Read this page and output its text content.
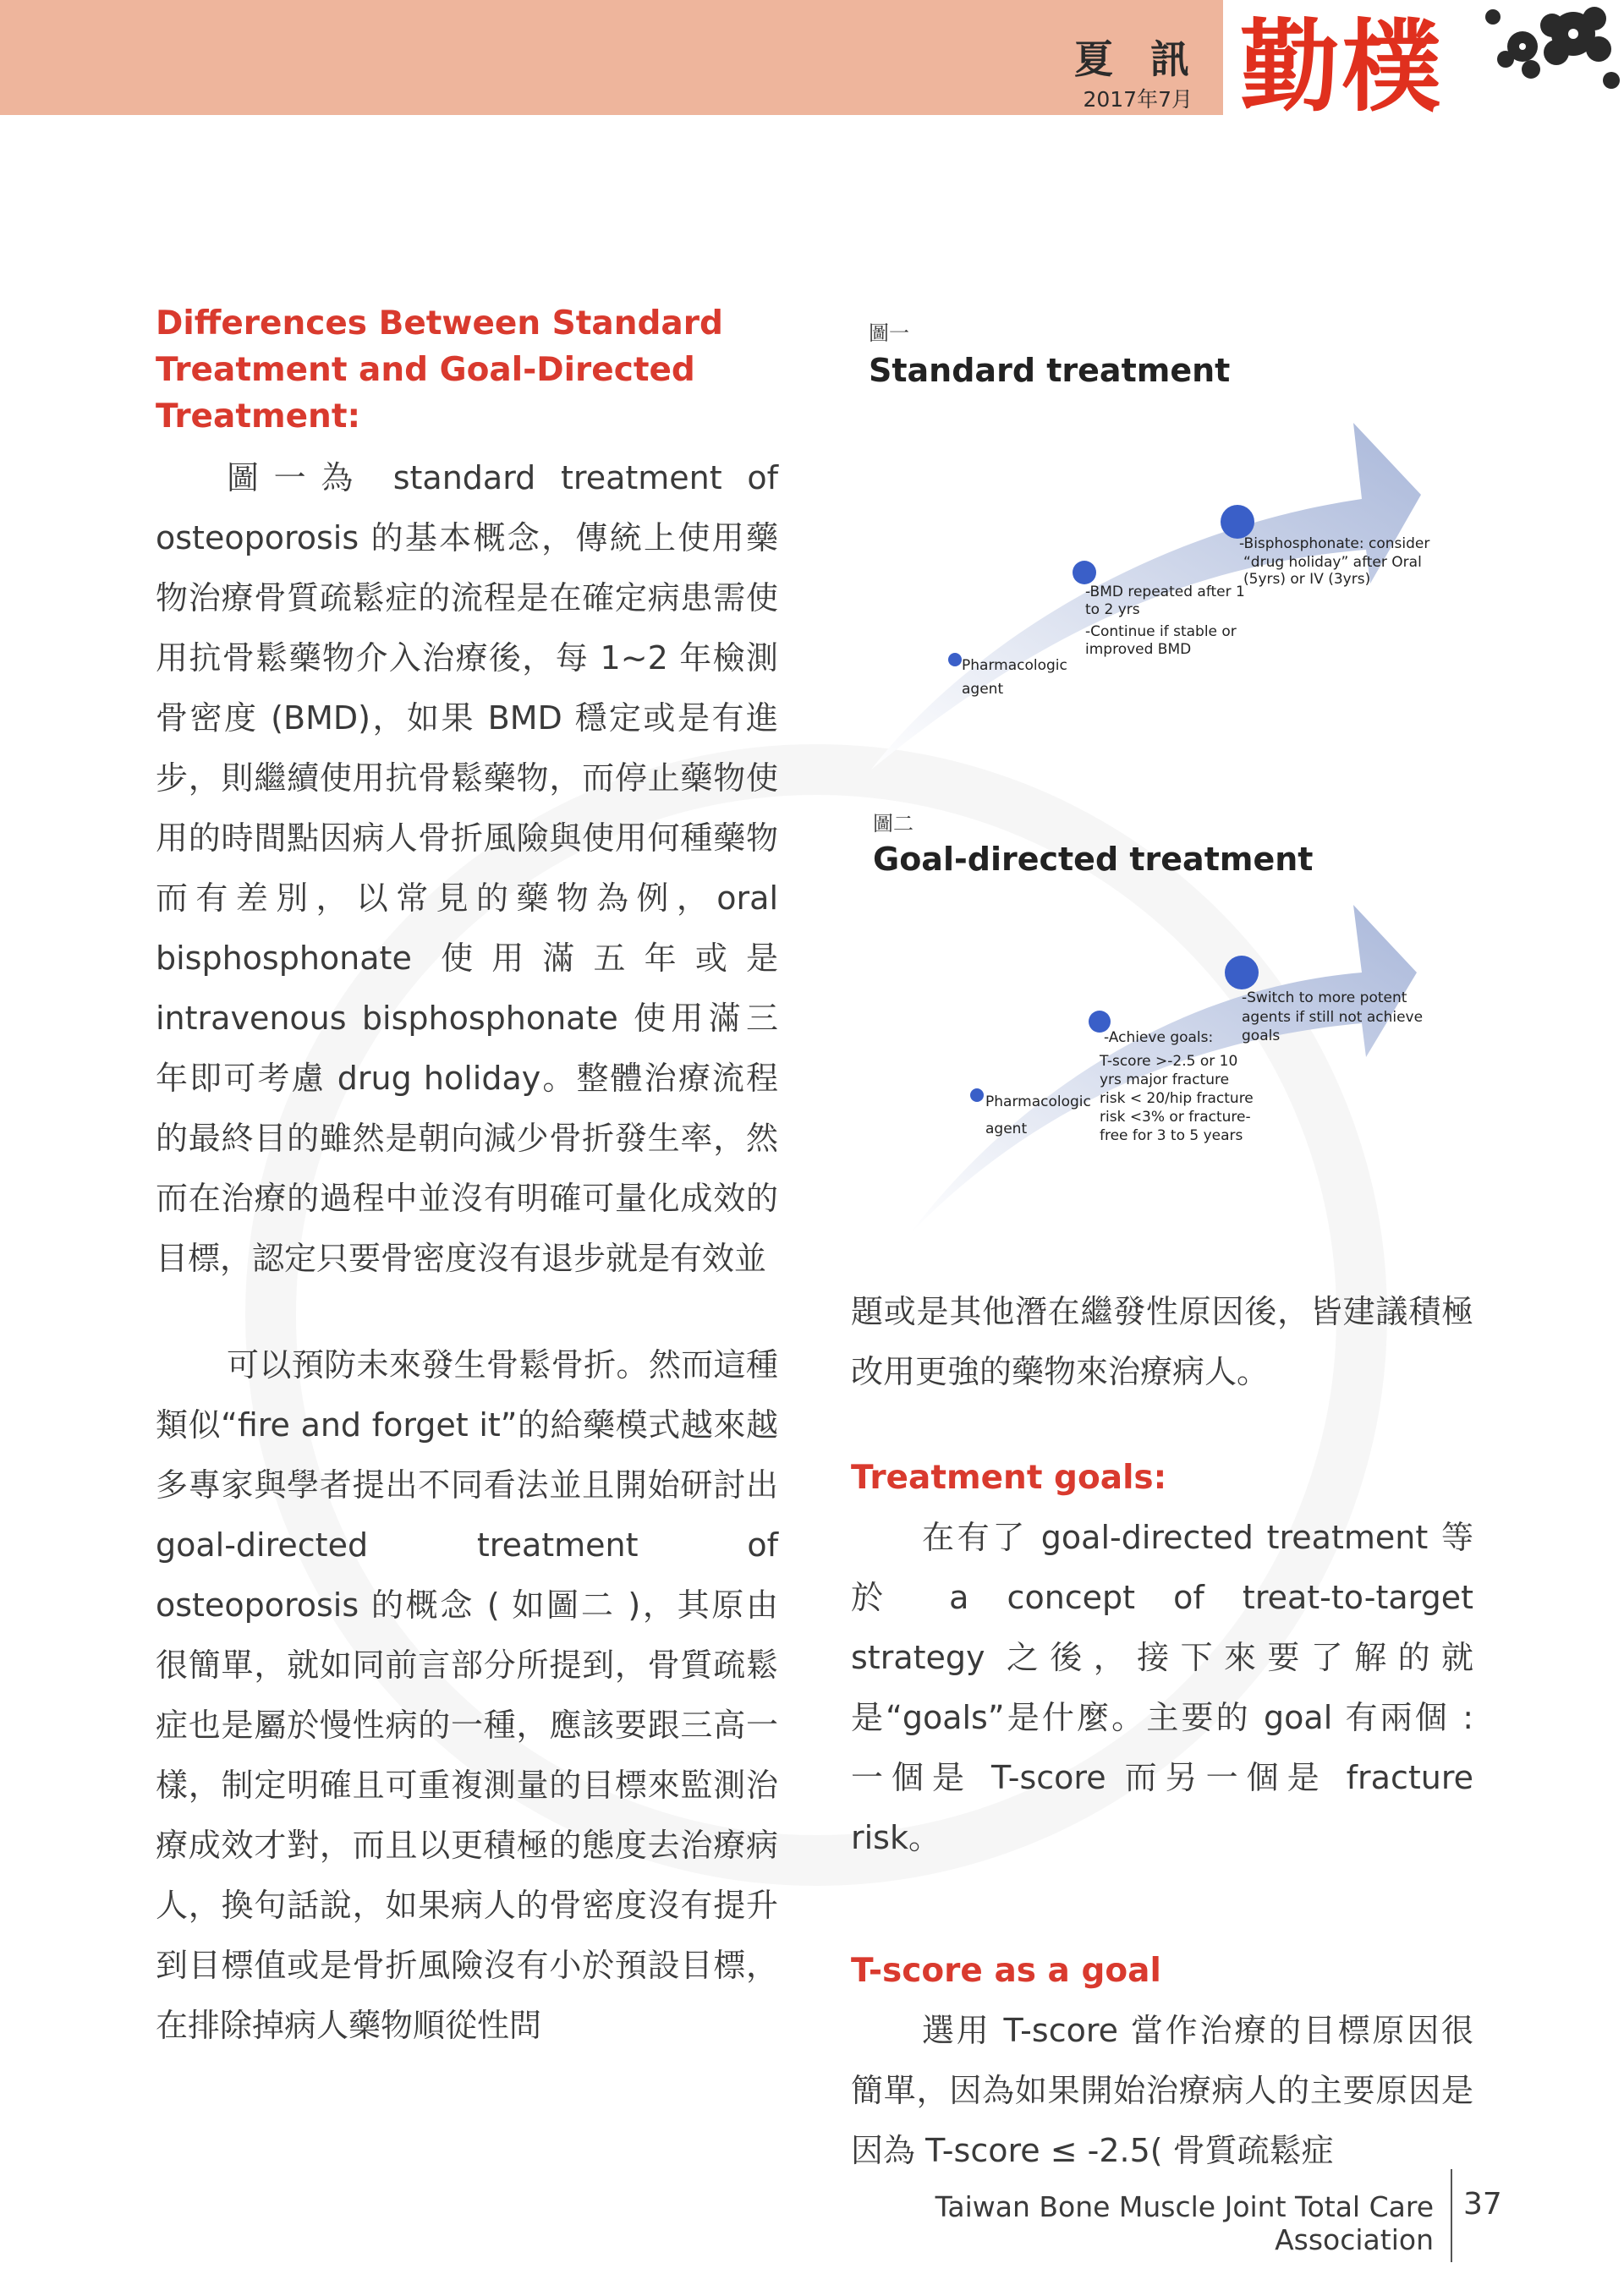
夏 訊
2017年7月 勤樸
Differences Between Standard Treatment and Goal-Directed Treatment:

圖一為 standard treatment of osteoporosis 的基本概念，傳統上使用藥物治療骨質疏鬆症的流程是在確定病患需使用抗骨鬆藥物介入治療後，每 1~2 年檢測骨密度 (BMD)，如果 BMD 穩定或是有進步，則繼續使用抗骨鬆藥物，而停止藥物使用的時間點因病人骨折風險與使用何種藥物而有差別，以常見的藥物為例，oral bisphosphonate 使用滿五年或是 intravenous bisphosphonate 使用滿三年即可考慮 drug holiday。整體治療流程的最終目的雖然是朝向減少骨折發生率，然而在治療的過程中並沒有明確可量化成效的目標，認定只要骨密度沒有退步就是有效並

可以預防未來發生骨鬆骨折。然而這種類似“fire and forget it”的給藥模式越來越多專家與學者提出不同看法並且開始研討出 goal-directed treatment of osteoporosis 的概念 ( 如圖二 )，其原由很簡單，就如同前言部分所提到，骨質疏鬆症也是屬於慢性病的一種，應該要跟三高一樣，制定明確且可重複測量的目標來監測治療成效才對，而且以更積極的態度去治療病人，換句話說，如果病人的骨密度沒有提升到目標值或是骨折風險沒有小於預設目標，在排除掉病人藥物順從性問

圖一
Standard treatment
Pharmacologic agent
-BMD repeated after 1 to 2 yrs -Continue if stable or improved BMD
-Bisphosphonate: consider “drug holiday” after Oral (5yrs) or IV (3yrs)
圖二
Goal-directed treatment
Pharmacologic agent
-Achieve goals: T-score >-2.5 or 10 yrs major fracture risk < 20/hip fracture risk <3% or fracture- free for 3 to 5 years
-Switch to more potent agents if still not achieve goals

題或是其他潛在繼發性原因後，皆建議積極改用更強的藥物來治療病人。

Treatment goals:

在有了 goal-directed treatment 等於 a concept of treat-to-target strategy 之後，接下來要了解的就是“goals”是什麼。主要的 goal 有兩個 : 一個是 T-score 而另一個是 fracture risk。

T-score as a goal

選用 T-score 當作治療的目標原因很簡單，因為如果開始治療病人的主要原因是因為 T-score ≤ -2.5( 骨質疏鬆症

Taiwan Bone Muscle Joint Total Care Association
37
